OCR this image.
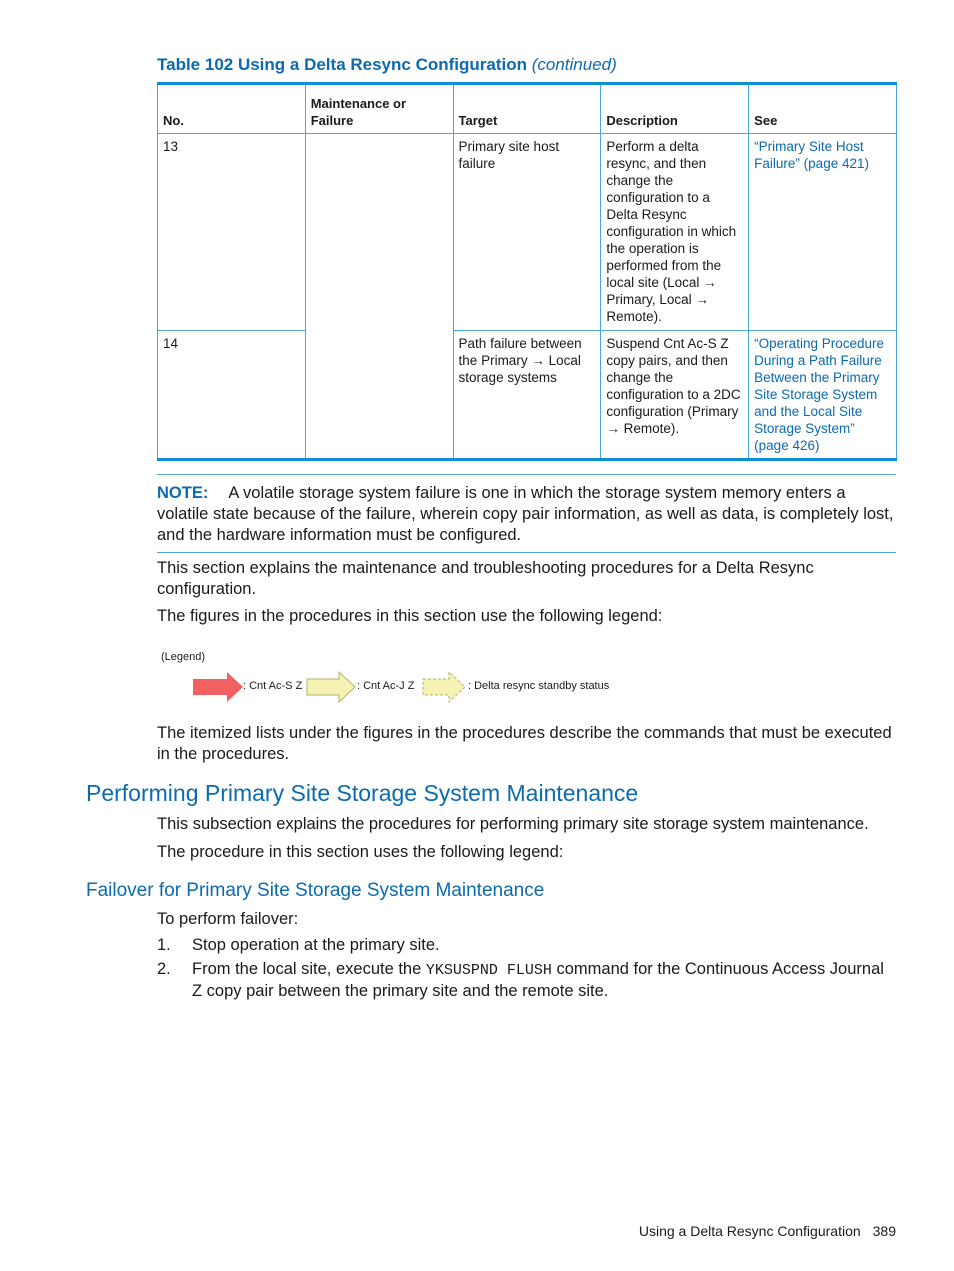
Table 102 Using a Delta Resync Configuration (continued)
No.	Maintenance or Failure	Target	Description	See
13		Primary site host failure	Perform a delta resync, and then change the configuration to a Delta Resync configuration in which the operation is performed from the local site (Local → Primary, Local → Remote).	“Primary Site Host Failure” (page 421)
14		Path failure between the Primary → Local storage systems	Suspend Cnt Ac-S Z copy pairs, and then change the configuration to a 2DC configuration (Primary → Remote).	“Operating Procedure During a Path Failure Between the Primary Site Storage System and the Local Site Storage System” (page 426)
NOTE: A volatile storage system failure is one in which the storage system memory enters a volatile state because of the failure, wherein copy pair information, as well as data, is completely lost, and the hardware information must be configured.

This section explains the maintenance and troubleshooting procedures for a Delta Resync configuration.

The figures in the procedures in this section use the following legend:

(Legend)
: Cnt Ac-S Z	: Cnt Ac-J Z	: Delta resync standby status

The itemized lists under the figures in the procedures describe the commands that must be executed in the procedures.

Performing Primary Site Storage System Maintenance

This subsection explains the procedures for performing primary site storage system maintenance.

The procedure in this section uses the following legend:

Failover for Primary Site Storage System Maintenance

To perform failover:

1. Stop operation at the primary site.
2. From the local site, execute the YKSUSPND FLUSH command for the Continuous Access Journal Z copy pair between the primary site and the remote site.
Using a Delta Resync Configuration 389
